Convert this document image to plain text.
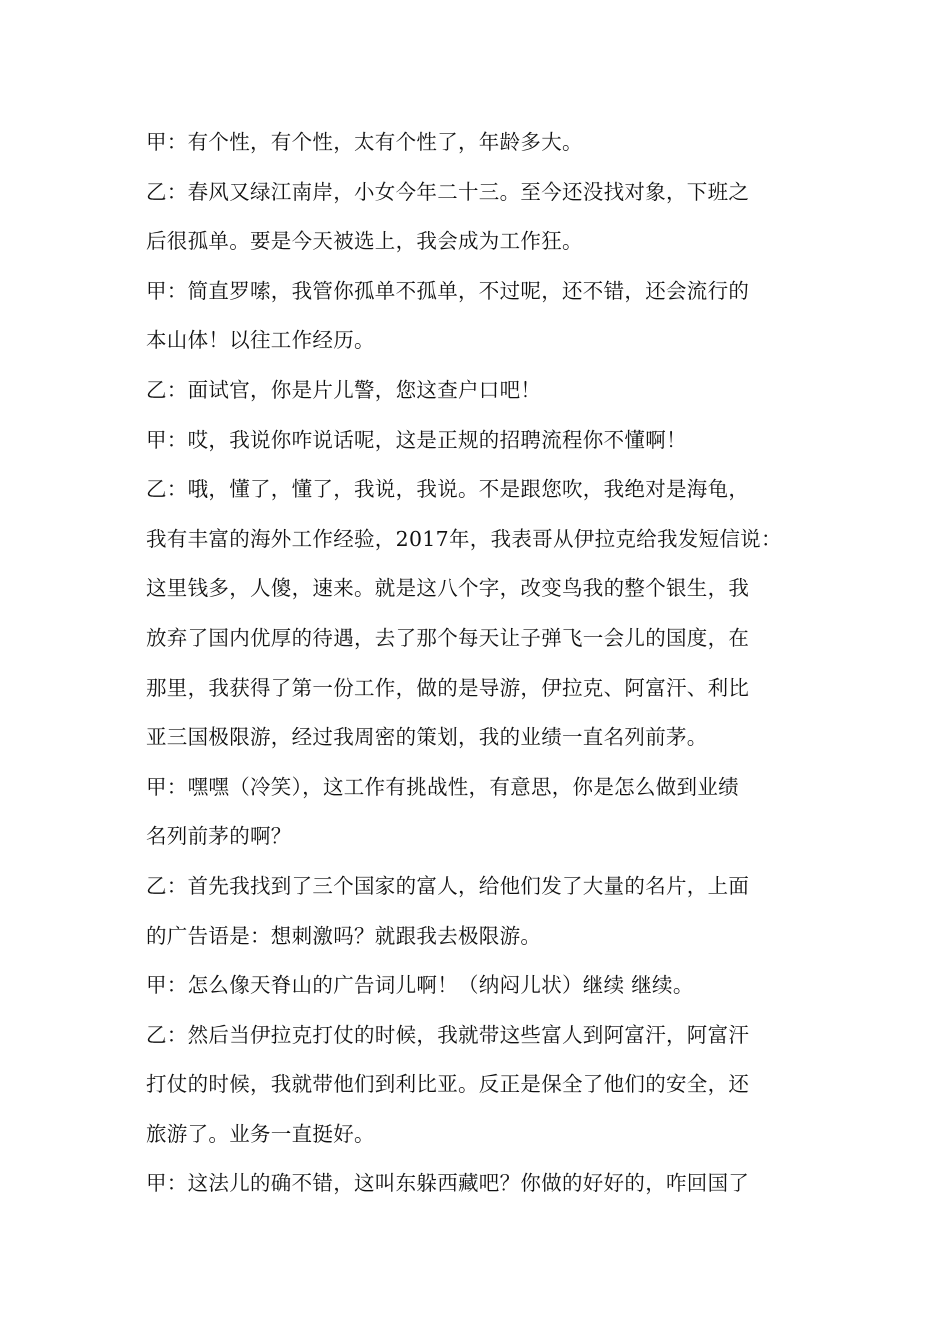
甲：有个性，有个性，太有个性了，年龄多大。
乙：春风又绿江南岸，小女今年二十三。至今还没找对象，下班之
后很孤单。要是今天被选上，我会成为工作狂。
甲：简直罗嗦，我管你孤单不孤单，不过呢，还不错，还会流行的
本山体！以往工作经历。
乙：面试官，你是片儿警，您这查户口吧！
甲：哎，我说你咋说话呢，这是正规的招聘流程你不懂啊！
乙：哦，懂了，懂了，我说，我说。不是跟您吹，我绝对是海龟，
我有丰富的海外工作经验，2017年，我表哥从伊拉克给我发短信说：
这里钱多，人傻，速来。就是这八个字，改变鸟我的整个银生，我
放弃了国内优厚的待遇，去了那个每天让子弹飞一会儿的国度，在
那里，我获得了第一份工作，做的是导游，伊拉克、阿富汗、利比
亚三国极限游，经过我周密的策划，我的业绩一直名列前茅。
甲：嘿嘿（冷笑），这工作有挑战性，有意思，你是怎么做到业绩
名列前茅的啊？
乙：首先我找到了三个国家的富人，给他们发了大量的名片，上面
的广告语是：想刺激吗？就跟我去极限游。
甲：怎么像天脊山的广告词儿啊！（纳闷儿状）继续 继续。
乙：然后当伊拉克打仗的时候，我就带这些富人到阿富汗，阿富汗
打仗的时候，我就带他们到利比亚。反正是保全了他们的安全，还
旅游了。业务一直挺好。
甲：这法儿的确不错，这叫东躲西藏吧？你做的好好的，咋回国了
